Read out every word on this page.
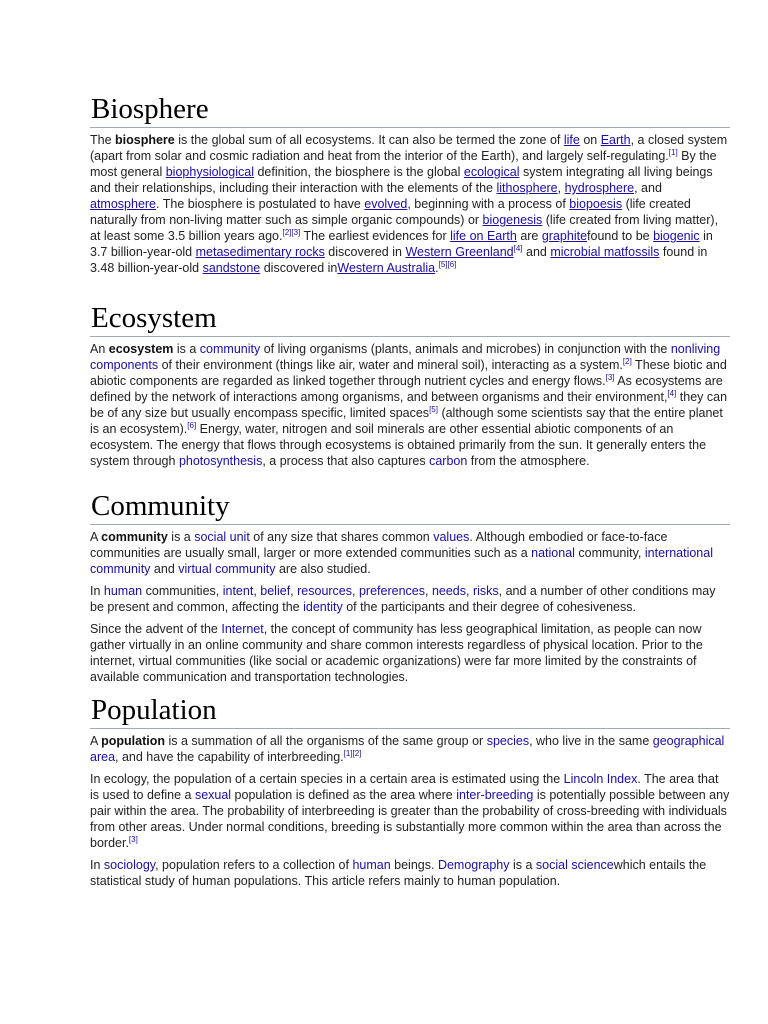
Biosphere

The biosphere is the global sum of all ecosystems. It can also be termed the zone of life on Earth, a closed system (apart from solar and cosmic radiation and heat from the interior of the Earth), and largely self-regulating.[1] By the most general biophysiological definition, the biosphere is the global ecological system integrating all living beings and their relationships, including their interaction with the elements of the lithosphere, hydrosphere, and atmosphere. The biosphere is postulated to have evolved, beginning with a process of biopoesis (life created naturally from non-living matter such as simple organic compounds) or biogenesis (life created from living matter), at least some 3.5 billion years ago.[2][3] The earliest evidences for life on Earth are graphitefound to be biogenic in 3.7 billion-year-old metasedimentary rocks discovered in Western Greenland[4] and microbial matfossils found in 3.48 billion-year-old sandstone discovered inWestern Australia.[5][6]

Ecosystem

An ecosystem is a community of living organisms (plants, animals and microbes) in conjunction with the nonliving components of their environment (things like air, water and mineral soil), interacting as a system.[2] These biotic and abiotic components are regarded as linked together through nutrient cycles and energy flows.[3] As ecosystems are defined by the network of interactions among organisms, and between organisms and their environment,[4] they can be of any size but usually encompass specific, limited spaces[5] (although some scientists say that the entire planet is an ecosystem).[6] Energy, water, nitrogen and soil minerals are other essential abiotic components of an ecosystem. The energy that flows through ecosystems is obtained primarily from the sun. It generally enters the system through photosynthesis, a process that also captures carbon from the atmosphere.

Community

A community is a social unit of any size that shares common values. Although embodied or face-to-face communities are usually small, larger or more extended communities such as a national community, international community and virtual community are also studied.

In human communities, intent, belief, resources, preferences, needs, risks, and a number of other conditions may be present and common, affecting the identity of the participants and their degree of cohesiveness.

Since the advent of the Internet, the concept of community has less geographical limitation, as people can now gather virtually in an online community and share common interests regardless of physical location. Prior to the internet, virtual communities (like social or academic organizations) were far more limited by the constraints of available communication and transportation technologies.

Population

A population is a summation of all the organisms of the same group or species, who live in the same geographical area, and have the capability of interbreeding.[1][2]

In ecology, the population of a certain species in a certain area is estimated using the Lincoln Index. The area that is used to define a sexual population is defined as the area where inter-breeding is potentially possible between any pair within the area. The probability of interbreeding is greater than the probability of cross-breeding with individuals from other areas. Under normal conditions, breeding is substantially more common within the area than across the border.[3]

In sociology, population refers to a collection of human beings. Demography is a social sciencewhich entails the statistical study of human populations. This article refers mainly to human population.
